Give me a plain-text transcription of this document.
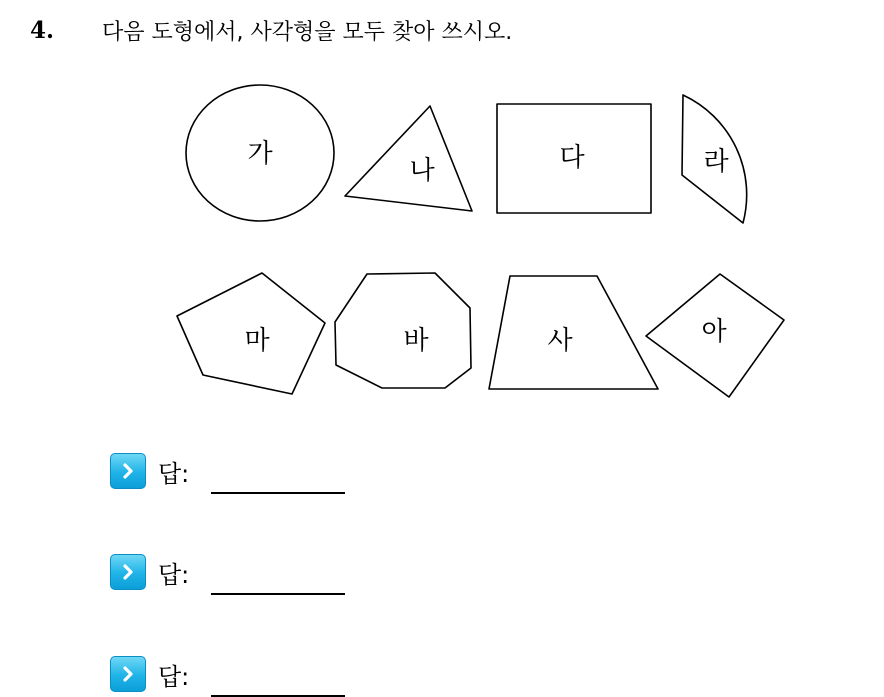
4.	다음 도형에서, 사각형을 모두 찾아 쓰시오.
가
나	다	라
마	바	사	아
답:
답:
답:
